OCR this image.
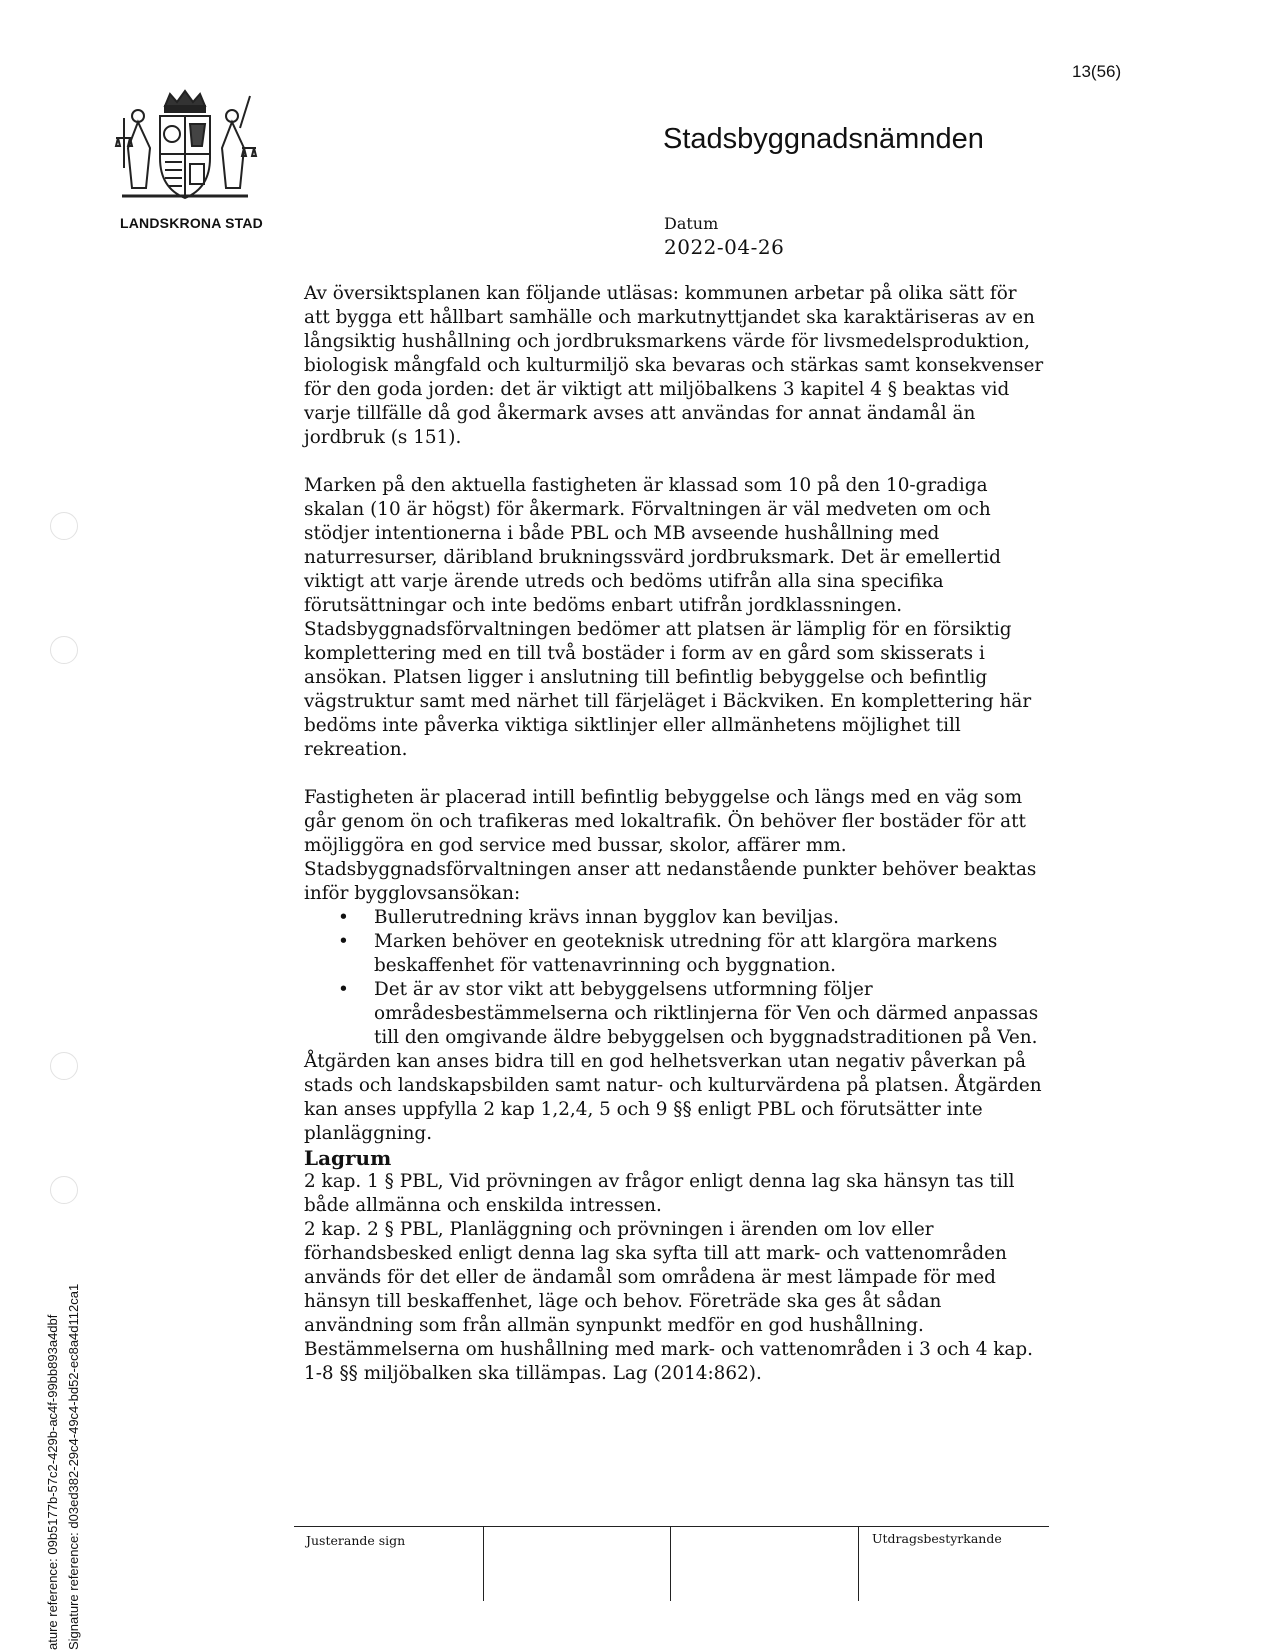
13(56)
LANDSKRONA STAD
Stadsbyggnadsnämnden
Datum
2022-04-26

Av översiktsplanen kan följande utläsas: kommunen arbetar på olika sätt för att bygga ett hållbart samhälle och markutnyttjandet ska karaktäriseras av en långsiktig hushållning och jordbruksmarkens värde för livsmedelsproduktion, biologisk mångfald och kulturmiljö ska bevaras och stärkas samt konsekvenser för den goda jorden: det är viktigt att miljöbalkens 3 kapitel 4 § beaktas vid varje tillfälle då god åkermark avses att användas for annat ändamål än jordbruk (s 151).

Marken på den aktuella fastigheten är klassad som 10 på den 10-gradiga skalan (10 är högst) för åkermark. Förvaltningen är väl medveten om och stödjer intentionerna i både PBL och MB avseende hushållning med naturresurser, däribland brukningssvärd jordbruksmark. Det är emellertid viktigt att varje ärende utreds och bedöms utifrån alla sina specifika förutsättningar och inte bedöms enbart utifrån jordklassningen.

Stadsbyggnadsförvaltningen bedömer att platsen är lämplig för en försiktig komplettering med en till två bostäder i form av en gård som skisserats i ansökan. Platsen ligger i anslutning till befintlig bebyggelse och befintlig vägstruktur samt med närhet till färjeläget i Bäckviken. En komplettering här bedöms inte påverka viktiga siktlinjer eller allmänhetens möjlighet till rekreation.

Fastigheten är placerad intill befintlig bebyggelse och längs med en väg som går genom ön och trafikeras med lokaltrafik. Ön behöver fler bostäder för att möjliggöra en god service med bussar, skolor, affärer mm.

Stadsbyggnadsförvaltningen anser att nedanstående punkter behöver beaktas inför bygglovsansökan:

• Bullerutredning krävs innan bygglov kan beviljas.
• Marken behöver en geoteknisk utredning för att klargöra markens beskaffenhet för vattenavrinning och byggnation.
• Det är av stor vikt att bebyggelsens utformning följer områdesbestämmelserna och riktlinjerna för Ven och därmed anpassas till den omgivande äldre bebyggelsen och byggnadstraditionen på Ven.

Åtgärden kan anses bidra till en god helhetsverkan utan negativ påverkan på stads och landskapsbilden samt natur- och kulturvärdena på platsen. Åtgärden kan anses uppfylla 2 kap 1,2,4, 5 och 9 §§ enligt PBL och förutsätter inte planläggning.

Lagrum

2 kap. 1 § PBL, Vid prövningen av frågor enligt denna lag ska hänsyn tas till både allmänna och enskilda intressen.

2 kap. 2 § PBL, Planläggning och prövningen i ärenden om lov eller förhandsbesked enligt denna lag ska syfta till att mark- och vattenområden används för det eller de ändamål som områdena är mest lämpade för med hänsyn till beskaffenhet, läge och behov. Företräde ska ges åt sådan användning som från allmän synpunkt medför en god hushållning. Bestämmelserna om hushållning med mark- och vattenområden i 3 och 4 kap. 1-8 §§ miljöbalken ska tillämpas. Lag (2014:862).

Justerande sign	Utdragsbestyrkande
ature reference: 09b5177b-57c2-429b-ac4f-99bb893a4dbf Signature reference: d03ed382-29c4-49c4-bd52-ec8a4d112ca1
